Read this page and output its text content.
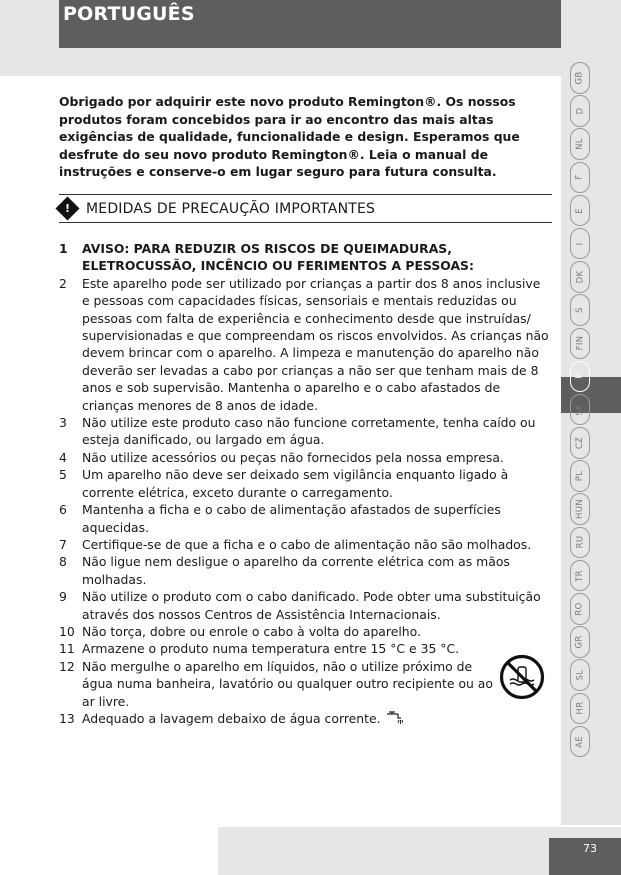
PORTUGUÊS
GB
D
NL
F
E
I
DK
S
FIN
P
SK
CZ
PL
HUN
RU
TR
RO
GR
SL
HR
AE

Obrigado por adquirir este novo produto Remington®. Os nossos produtos foram concebidos para ir ao encontro das mais altas exigências de qualidade, funcionalidade e design. Esperamos que desfrute do seu novo produto Remington®. Leia o manual de instruções e conserve-o em lugar seguro para futura consulta.

! MEDIDAS DE PRECAUÇÃO IMPORTANTES
1	AVISO: PARA REDUZIR OS RISCOS DE QUEIMADURAS, ELETROCUSSÃO, INCÊNCIO OU FERIMENTOS A PESSOAS:
2	Este aparelho pode ser utilizado por crianças a partir dos 8 anos inclusive e pessoas com capacidades físicas, sensoriais e mentais reduzidas ou pessoas com falta de experiência e conhecimento desde que instruídas/ supervisionadas e que compreendam os riscos envolvidos. As crianças não devem brincar com o aparelho. A limpeza e manutenção do aparelho não deverão ser levadas a cabo por crianças a não ser que tenham mais de 8 anos e sob supervisão. Mantenha o aparelho e o cabo afastados de crianças menores de 8 anos de idade.
3	Não utilize este produto caso não funcione corretamente, tenha caído ou esteja danificado, ou largado em água.
4	Não utilize acessórios ou peças não fornecidos pela nossa empresa.
5	Um aparelho não deve ser deixado sem vigilância enquanto ligado à corrente elétrica, exceto durante o carregamento.
6	Mantenha a ficha e o cabo de alimentação afastados de superfícies aquecidas.
7	Certifique-se de que a ficha e o cabo de alimentação não são molhados.
8	Não ligue nem desligue o aparelho da corrente elétrica com as mãos molhadas.
9	Não utilize o produto com o cabo danificado. Pode obter uma substituição através dos nossos Centros de Assistência Internacionais.
10 Não torça, dobre ou enrole o cabo à volta do aparelho.
11 Armazene o produto numa temperatura entre 15 °C e 35 °C.
12 Não mergulhe o aparelho em líquidos, não o utilize próximo de água numa banheira, lavatório ou qualquer outro recipiente ou ao ar livre.
13 Adequado a lavagem debaixo de água corrente.
73
